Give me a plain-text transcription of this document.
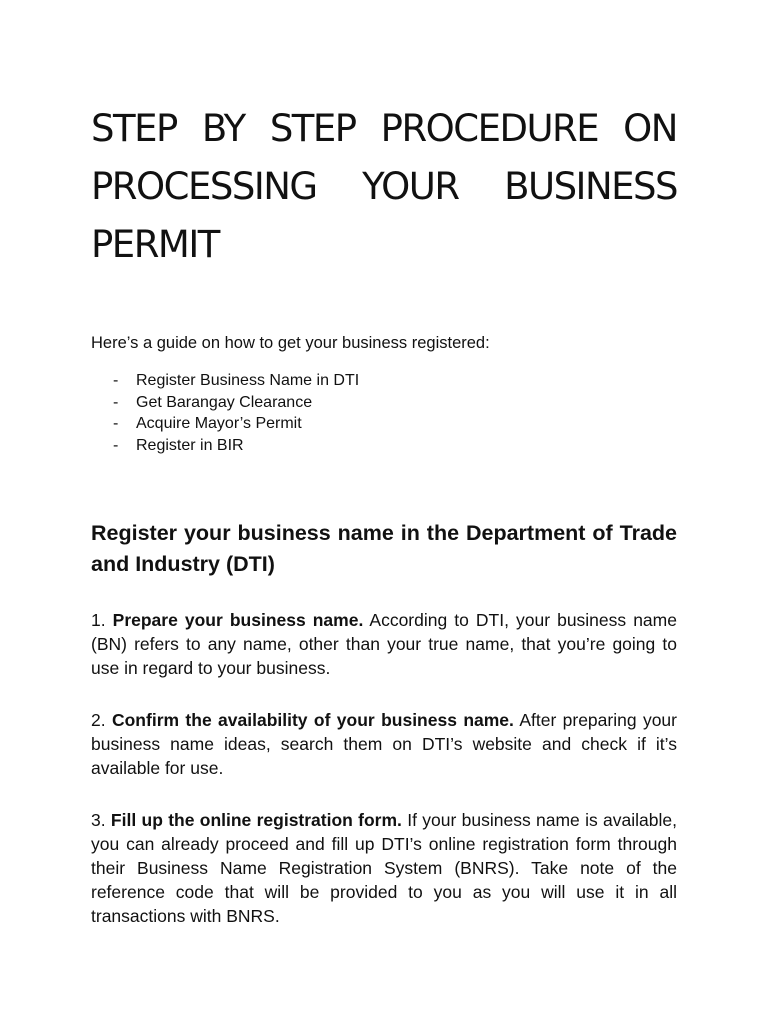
STEP BY STEP PROCEDURE ON PROCESSING YOUR BUSINESS PERMIT

Here’s a guide on how to get your business registered:

- Register Business Name in DTI
- Get Barangay Clearance
- Acquire Mayor’s Permit
- Register in BIR
Register your business name in the Department of Trade and Industry (DTI)

1. Prepare your business name. According to DTI, your business name (BN) refers to any name, other than your true name, that you’re going to use in regard to your business.

2. Confirm the availability of your business name. After preparing your business name ideas, search them on DTI’s website and check if it’s available for use.

3. Fill up the online registration form. If your business name is available, you can already proceed and fill up DTI’s online registration form through their Business Name Registration System (BNRS). Take note of the reference code that will be provided to you as you will use it in all transactions with BNRS.
